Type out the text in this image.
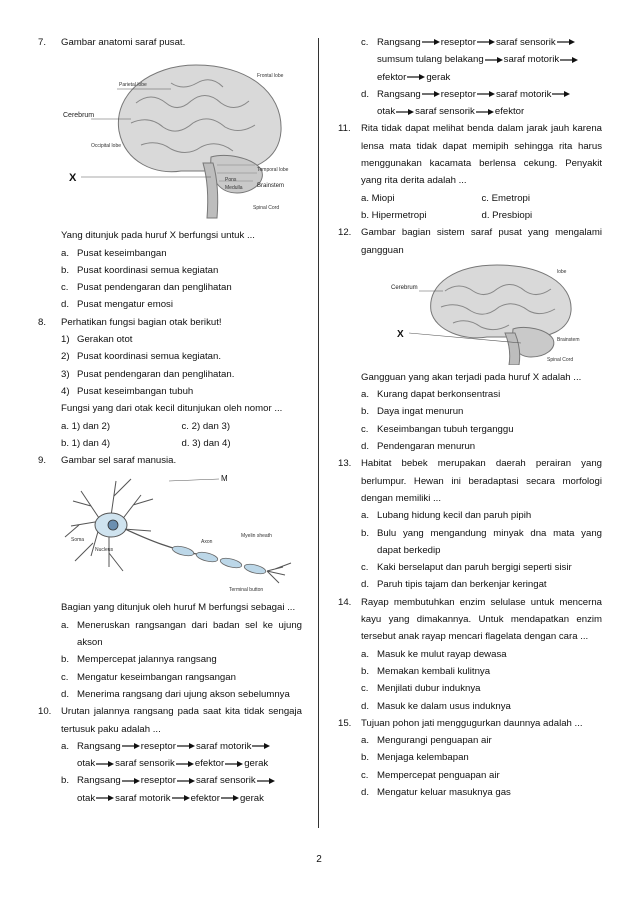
7. Gambar anatomi saraf pusat.
Parietal lobe
Frontal lobe
Cerebrum
Occipital lobe
Temporal lobe
X	Pons
Medulla Brainstem
Spinal Cord
Yang ditunjuk pada huruf X berfungsi untuk ...
a. Pusat keseimbangan
b. Pusat koordinasi semua kegiatan
c. Pusat pendengaran dan penglihatan
d. Pusat mengatur emosi
8. Perhatikan fungsi bagian otak berikut!
1) Gerakan otot
2) Pusat koordinasi semua kegiatan.
3) Pusat pendengaran dan penglihatan.
4) Pusat keseimbangan tubuh
Fungsi yang dari otak kecil ditunjukan oleh nomor ...
a. 1) dan 2)	c. 2) dan 3)
b. 1) dan 4)	d. 3) dan 4)
9. Gambar sel saraf manusia.
M
Soma
Nucleus
Axon
Myelin sheath
Terminal button
Bagian yang ditunjuk oleh huruf M berfungsi sebagai ...
a. Meneruskan rangsangan dari badan sel ke ujung akson
b. Mempercepat jalannya rangsang
c. Mengatur keseimbangan rangsangan
d. Menerima rangsang dari ujung akson sebelumnya
10. Urutan jalannya rangsang pada saat kita tidak sengaja tertusuk paku adalah ...
a. Rangsang reseptor saraf motorik
otak saraf sensorik efektor gerak
b. Rangsang reseptor saraf sensorik
otak saraf motorik efektor gerak
c. Rangsang reseptor saraf sensorik
sumsum tulang belakang saraf motorik
efektor gerak
d. Rangsang reseptor saraf motorik
otak saraf sensorik efektor
11. Rita tidak dapat melihat benda dalam jarak jauh karena lensa mata tidak dapat memipih sehingga rita harus menggunakan kacamata berlensa cekung. Penyakit yang rita derita adalah ...
a. Miopi	c. Emetropi
b. Hipermetropi	d. Presbiopi
12. Gambar bagian sistem saraf pusat yang mengalami gangguan
lobe
Cerebrum
X	Brainstem
Spinal Cord
Gangguan yang akan terjadi pada huruf X adalah ...
a. Kurang dapat berkonsentrasi
b. Daya ingat menurun
c. Keseimbangan tubuh terganggu
d. Pendengaran menurun
13. Habitat bebek merupakan daerah perairan yang berlumpur. Hewan ini beradaptasi secara morfologi dengan memiliki ...
a. Lubang hidung kecil dan paruh pipih
b. Bulu yang mengandung minyak dna mata yang dapat berkedip
c. Kaki berselaput dan paruh bergigi seperti sisir
d. Paruh tipis tajam dan berkenjar keringat
14. Rayap membutuhkan enzim selulase untuk mencerna kayu yang dimakannya. Untuk mendapatkan enzim tersebut anak rayap mencari flagelata dengan cara ...
a. Masuk ke mulut rayap dewasa
b. Memakan kembali kulitnya
c. Menjilati dubur induknya
d. Masuk ke dalam usus induknya
15. Tujuan pohon jati menggugurkan daunnya adalah ...
a. Mengurangi penguapan air
b. Menjaga kelembapan
c. Mempercepat penguapan air
d. Mengatur keluar masuknya gas
2
